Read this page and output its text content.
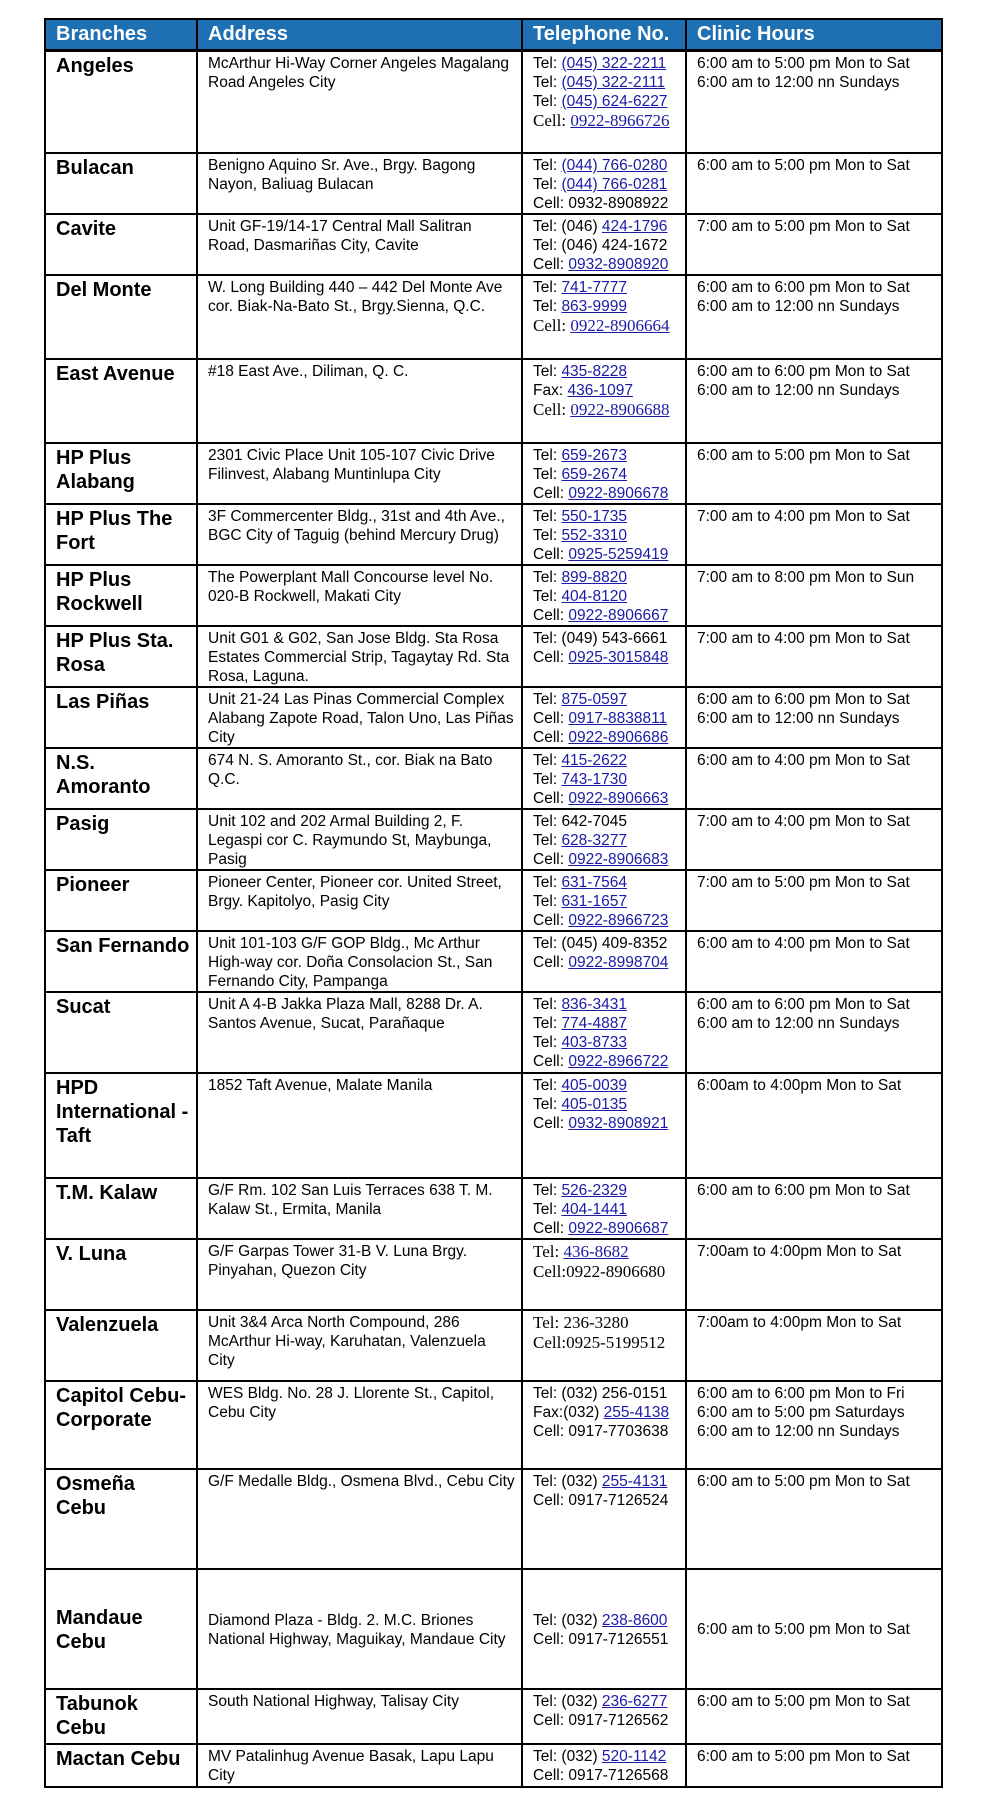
Branches	Address	Telephone No.	Clinic Hours
Angeles	McArthur Hi-Way Corner Angeles Magalang Road Angeles City	Tel: (045) 322-2211
Tel: (045) 322-2111
Tel: (045) 624-6227
Cell: 0922-8966726	6:00 am to 5:00 pm Mon to Sat
6:00 am to 12:00 nn Sundays

Bulacan	Benigno Aquino Sr. Ave., Brgy. Bagong Nayon, Baliuag Bulacan	Tel: (044) 766-0280
Tel: (044) 766-0281
Cell: 0932-8908922	6:00 am to 5:00 pm Mon to Sat

Cavite	Unit GF-19/14-17 Central Mall Salitran Road, Dasmariñas City, Cavite	Tel: (046) 424-1796
Tel: (046) 424-1672
Cell: 0932-8908920	7:00 am to 5:00 pm Mon to Sat

Del Monte	W. Long Building 440 – 442 Del Monte Ave cor. Biak-Na-Bato St., Brgy.Sienna, Q.C.	Tel: 741-7777
Tel: 863-9999
Cell: 0922-8906664	6:00 am to 6:00 pm Mon to Sat
6:00 am to 12:00 nn Sundays

East Avenue	#18 East Ave., Diliman, Q. C.	Tel: 435-8228
Fax: 436-1097
Cell: 0922-8906688	6:00 am to 6:00 pm Mon to Sat
6:00 am to 12:00 nn Sundays

HP Plus Alabang	2301 Civic Place Unit 105-107 Civic Drive Filinvest, Alabang Muntinlupa City	Tel: 659-2673
Tel: 659-2674
Cell: 0922-8906678	6:00 am to 5:00 pm Mon to Sat

HP Plus The Fort	3F Commercenter Bldg., 31st and 4th Ave., BGC City of Taguig (behind Mercury Drug)	Tel: 550-1735
Tel: 552-3310
Cell: 0925-5259419	7:00 am to 4:00 pm Mon to Sat

HP Plus Rockwell	The Powerplant Mall Concourse level No. 020-B Rockwell, Makati City	Tel: 899-8820
Tel: 404-8120
Cell: 0922-8906667	7:00 am to 8:00 pm Mon to Sun

HP Plus Sta. Rosa	Unit G01 & G02, San Jose Bldg. Sta Rosa Estates Commercial Strip, Tagaytay Rd. Sta Rosa, Laguna.	Tel: (049) 543-6661
Cell: 0925-3015848	7:00 am to 4:00 pm Mon to Sat

Las Piñas	Unit 21-24 Las Pinas Commercial Complex Alabang Zapote Road, Talon Uno, Las Piñas City	Tel: 875-0597
Cell: 0917-8838811
Cell: 0922-8906686	6:00 am to 6:00 pm Mon to Sat
6:00 am to 12:00 nn Sundays

N.S. Amoranto	674 N. S. Amoranto St., cor. Biak na Bato Q.C.	Tel: 415-2622
Tel: 743-1730
Cell: 0922-8906663	6:00 am to 4:00 pm Mon to Sat

Pasig	Unit 102 and 202 Armal Building 2, F. Legaspi cor C. Raymundo St, Maybunga, Pasig	Tel: 642-7045
Tel: 628-3277
Cell: 0922-8906683	7:00 am to 4:00 pm Mon to Sat

Pioneer	Pioneer Center, Pioneer cor. United Street, Brgy. Kapitolyo, Pasig City	Tel: 631-7564
Tel: 631-1657
Cell: 0922-8966723	7:00 am to 5:00 pm Mon to Sat

San Fernando	Unit 101-103 G/F GOP Bldg., Mc Arthur High-way cor. Doña Consolacion St., San Fernando City, Pampanga	Tel: (045) 409-8352
Cell: 0922-8998704	6:00 am to 4:00 pm Mon to Sat

Sucat	Unit A 4-B Jakka Plaza Mall, 8288 Dr. A. Santos Avenue, Sucat, Parañaque	Tel: 836-3431
Tel: 774-4887
Tel: 403-8733
Cell: 0922-8966722	6:00 am to 6:00 pm Mon to Sat
6:00 am to 12:00 nn Sundays

HPD International - Taft	1852 Taft Avenue, Malate Manila	Tel: 405-0039
Tel: 405-0135
Cell: 0932-8908921	6:00am to 4:00pm Mon to Sat

T.M. Kalaw	G/F Rm. 102 San Luis Terraces 638 T. M. Kalaw St., Ermita, Manila	Tel: 526-2329
Tel: 404-1441
Cell: 0922-8906687	6:00 am to 6:00 pm Mon to Sat

V. Luna	G/F Garpas Tower 31-B V. Luna Brgy. Pinyahan, Quezon City	Tel: 436-8682
Cell:0922-8906680	7:00am to 4:00pm Mon to Sat

Valenzuela	Unit 3&4 Arca North Compound, 286 McArthur Hi-way, Karuhatan, Valenzuela City	Tel: 236-3280
Cell:0925-5199512	7:00am to 4:00pm Mon to Sat

Capitol Cebu-Corporate	WES Bldg. No. 28 J. Llorente St., Capitol, Cebu City	Tel: (032) 256-0151
Fax:(032) 255-4138
Cell: 0917-7703638	6:00 am to 6:00 pm Mon to Fri
6:00 am to 5:00 pm Saturdays
6:00 am to 12:00 nn Sundays

Osmeña Cebu	G/F Medalle Bldg., Osmena Blvd., Cebu City	Tel: (032) 255-4131
Cell: 0917-7126524	6:00 am to 5:00 pm Mon to Sat

Mandaue Cebu	Diamond Plaza - Bldg. 2. M.C. Briones National Highway, Maguikay, Mandaue City	Tel: (032) 238-8600
Cell: 0917-7126551	6:00 am to 5:00 pm Mon to Sat

Tabunok Cebu	South National Highway, Talisay City	Tel: (032) 236-6277
Cell: 0917-7126562	6:00 am to 5:00 pm Mon to Sat

Mactan Cebu	MV Patalinhug Avenue Basak, Lapu Lapu City	Tel: (032) 520-1142
Cell: 0917-7126568	6:00 am to 5:00 pm Mon to Sat
